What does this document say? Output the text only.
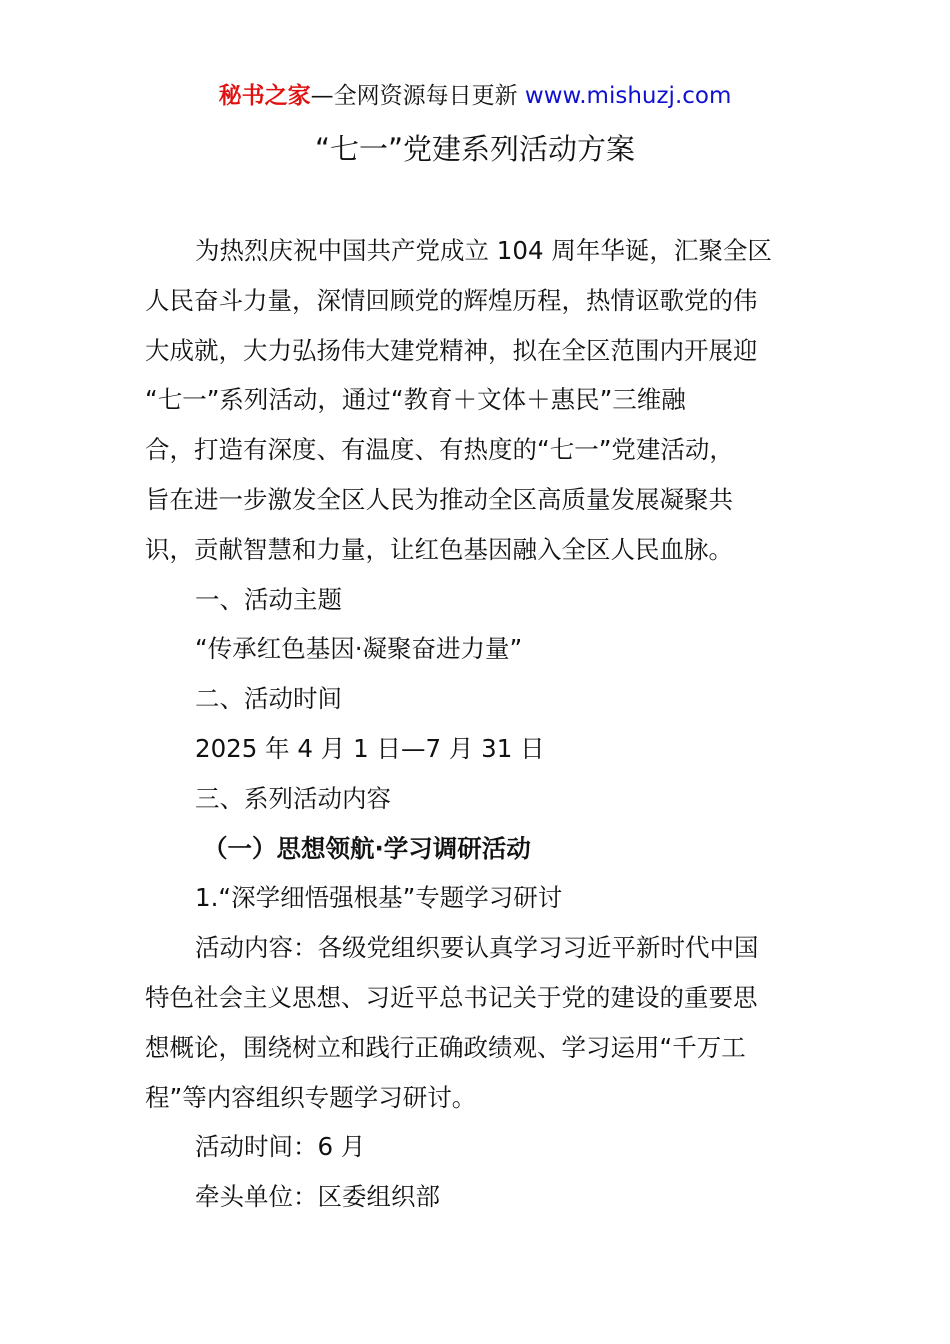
秘书之家—全网资源每日更新 www.mishuzj.com
“七一”党建系列活动方案
为热烈庆祝中国共产党成立 104 周年华诞，汇聚全区
人民奋斗力量，深情回顾党的辉煌历程，热情讴歌党的伟
大成就，大力弘扬伟大建党精神，拟在全区范围内开展迎
“七一”系列活动，通过“教育＋文体＋惠民”三维融
合，打造有深度、有温度、有热度的“七一”党建活动，
旨在进一步激发全区人民为推动全区高质量发展凝聚共
识，贡献智慧和力量，让红色基因融入全区人民血脉。
一、活动主题
“传承红色基因·凝聚奋进力量”
二、活动时间
2025 年 4 月 1 日—7 月 31 日
三、系列活动内容
（一）思想领航·学习调研活动
1.“深学细悟强根基”专题学习研讨
活动内容：各级党组织要认真学习习近平新时代中国
特色社会主义思想、习近平总书记关于党的建设的重要思
想概论，围绕树立和践行正确政绩观、学习运用“千万工
程”等内容组织专题学习研讨。
活动时间：6 月
牵头单位：区委组织部
